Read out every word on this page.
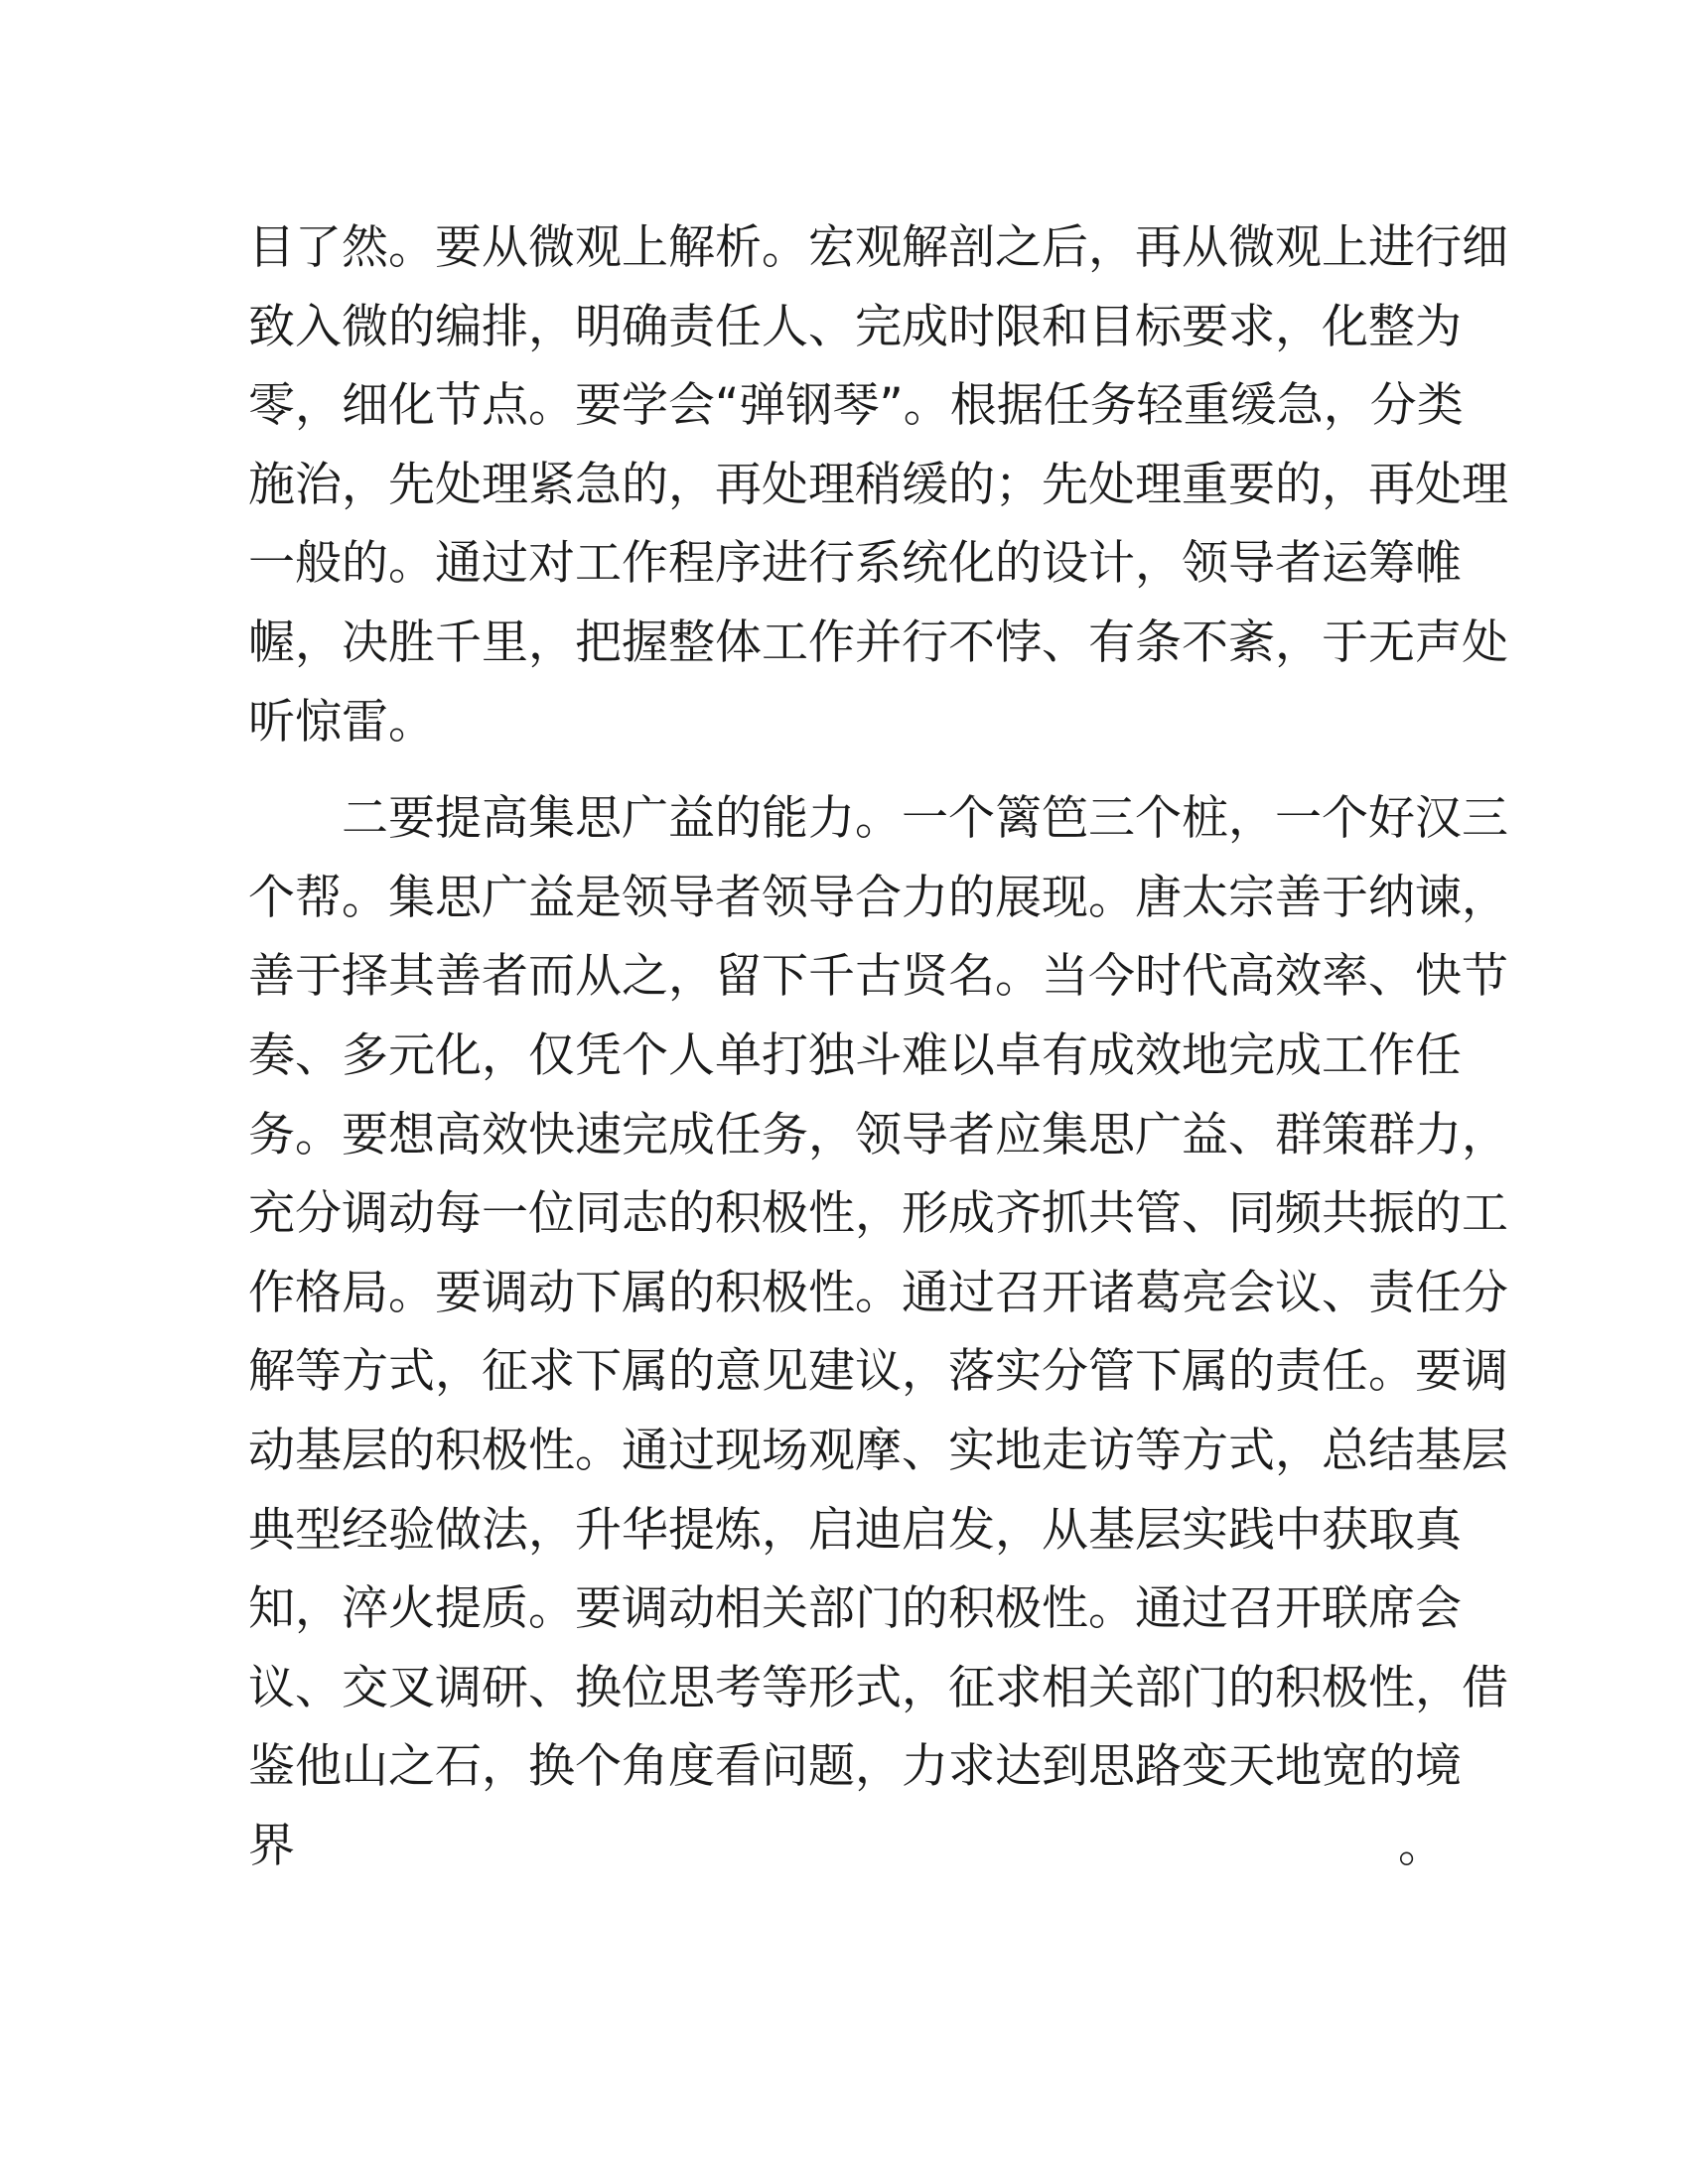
目了然。要从微观上解析。宏观解剖之后，再从微观上进行细
致入微的编排，明确责任人、完成时限和目标要求，化整为
零，细化节点。要学会“弹钢琴”。根据任务轻重缓急，分类
施治，先处理紧急的，再处理稍缓的；先处理重要的，再处理
一般的。通过对工作程序进行系统化的设计，领导者运筹帷
幄，决胜千里，把握整体工作并行不悖、有条不紊，于无声处
听惊雷。
二要提高集思广益的能力。一个篱笆三个桩，一个好汉三
个帮。集思广益是领导者领导合力的展现。唐太宗善于纳谏，
善于择其善者而从之，留下千古贤名。当今时代高效率、快节
奏、多元化，仅凭个人单打独斗难以卓有成效地完成工作任
务。要想高效快速完成任务，领导者应集思广益、群策群力，
充分调动每一位同志的积极性，形成齐抓共管、同频共振的工
作格局。要调动下属的积极性。通过召开诸葛亮会议、责任分
解等方式，征求下属的意见建议，落实分管下属的责任。要调
动基层的积极性。通过现场观摩、实地走访等方式，总结基层
典型经验做法，升华提炼，启迪启发，从基层实践中获取真
知，淬火提质。要调动相关部门的积极性。通过召开联席会
议、交叉调研、换位思考等形式，征求相关部门的积极性，借
鉴他山之石，换个角度看问题，力求达到思路变天地宽的境
界。
